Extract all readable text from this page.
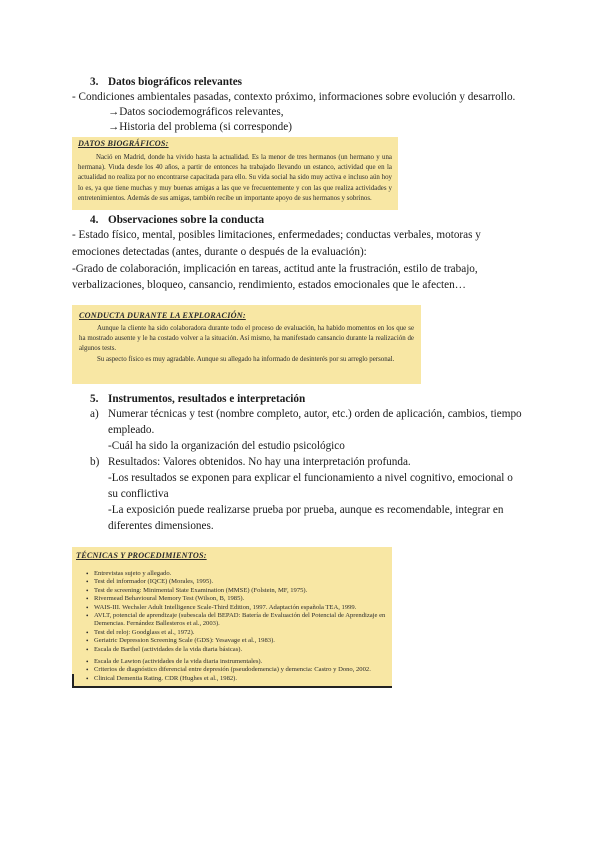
3. Datos biográficos relevantes
- Condiciones ambientales pasadas, contexto próximo, informaciones sobre evolución y desarrollo.
→Datos sociodemográficos relevantes,
→Historia del problema (si corresponde)
DATOS BIOGRÁFICOS:
Nació en Madrid, donde ha vivido hasta la actualidad. Es la menor de tres hermanos (un hermano y una hermana). Viuda desde los 40 años, a partir de entonces ha trabajado llevando un estanco, actividad que en la actualidad no realiza por no encontrarse capacitada para ello. Su vida social ha sido muy activa e incluso aún hoy lo es, ya que tiene muchas y muy buenas amigas a las que ve frecuentemente y con las que realiza actividades y entretenimientos. Además de sus amigas, también recibe un importante apoyo de sus hermanos y sobrinos.
4. Observaciones sobre la conducta
- Estado físico, mental, posibles limitaciones, enfermedades; conductas verbales, motoras y
emociones detectadas (antes, durante o después de la evaluación):
-Grado de colaboración, implicación en tareas, actitud ante la frustración, estilo de trabajo,
verbalizaciones, bloqueo, cansancio, rendimiento, estados emocionales que le afecten…
CONDUCTA DURANTE LA EXPLORACIÓN:
Aunque la cliente ha sido colaboradora durante todo el proceso de evaluación, ha habido momentos en los que se ha mostrado ausente y le ha costado volver a la situación. Así mismo, ha manifestado cansancio durante la realización de algunos tests.
Su aspecto físico es muy agradable. Aunque su allegado ha informado de desinterés por su arreglo personal.
5. Instrumentos, resultados e interpretación
a) Numerar técnicas y test (nombre completo, autor, etc.) orden de aplicación, cambios, tiempo
empleado.
-Cuál ha sido la organización del estudio psicológico
b) Resultados: Valores obtenidos. No hay una interpretación profunda.
-Los resultados se exponen para explicar el funcionamiento a nivel cognitivo, emocional o
su conflictiva
-La exposición puede realizarse prueba por prueba, aunque es recomendable, integrar en
diferentes dimensiones.
TÉCNICAS Y PROCEDIMIENTOS:
• Entrevistas sujeto y allegado.
• Test del informador (IQCE) (Morales, 1995).
• Test de screening: Minimental State Examination (MMSE) (Folstein, MF, 1975).
• Rivermead Behavioural Memory Test (Wilson, B, 1985).
• WAIS-III. Wechsler Adult Intelligence Scale-Third Edition, 1997. Adaptación española TEA, 1999.
• AVLT, potencial de aprendizaje (subescala del BEPAD: Batería de Evaluación del Potencial de Aprendizaje en Demencias. Fernández Ballesteros et al., 2003).
• Test del reloj: Goodglass et al., 1972).
• Geriatric Depression Screening Scale (GDS): Yesavage et al., 1983).
• Escala de Barthel (actividades de la vida diaria básicas).
• Escala de Lawton (actividades de la vida diaria instrumentales).
• Criterios de diagnóstico diferencial entre depresión (pseudodemencia) y demencia: Castro y Dono, 2002.
• Clinical Dementia Rating. CDR (Hughes et al., 1982).
